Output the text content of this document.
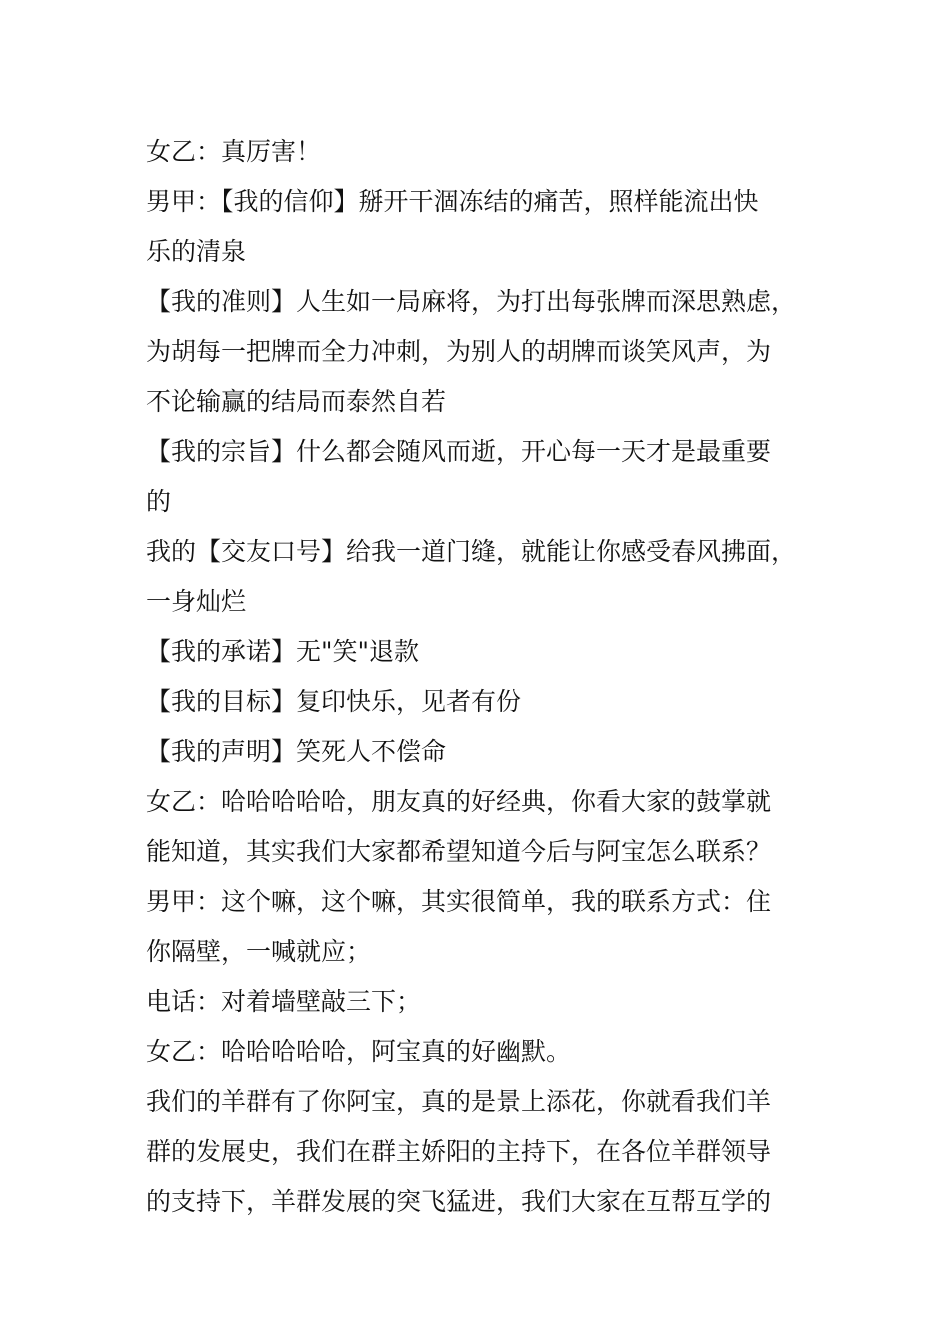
女乙：真厉害！
男甲：【我的信仰】掰开干涸冻结的痛苦，照样能流出快
乐的清泉
【我的准则】人生如一局麻将，为打出每张牌而深思熟虑，
为胡每一把牌而全力冲刺，为别人的胡牌而谈笑风声，为
不论输赢的结局而泰然自若
【我的宗旨】什么都会随风而逝，开心每一天才是最重要
的
我的【交友口号】给我一道门缝，就能让你感受春风拂面，
一身灿烂
【我的承诺】无"笑"退款
【我的目标】复印快乐，见者有份
【我的声明】笑死人不偿命
女乙：哈哈哈哈哈，朋友真的好经典，你看大家的鼓掌就
能知道，其实我们大家都希望知道今后与阿宝怎么联系？
男甲：这个嘛，这个嘛，其实很简单，我的联系方式：住
你隔壁，一喊就应；
电话：对着墙壁敲三下；
女乙：哈哈哈哈哈，阿宝真的好幽默。
我们的羊群有了你阿宝，真的是景上添花，你就看我们羊
群的发展史，我们在群主娇阳的主持下，在各位羊群领导
的支持下，羊群发展的突飞猛进，我们大家在互帮互学的
